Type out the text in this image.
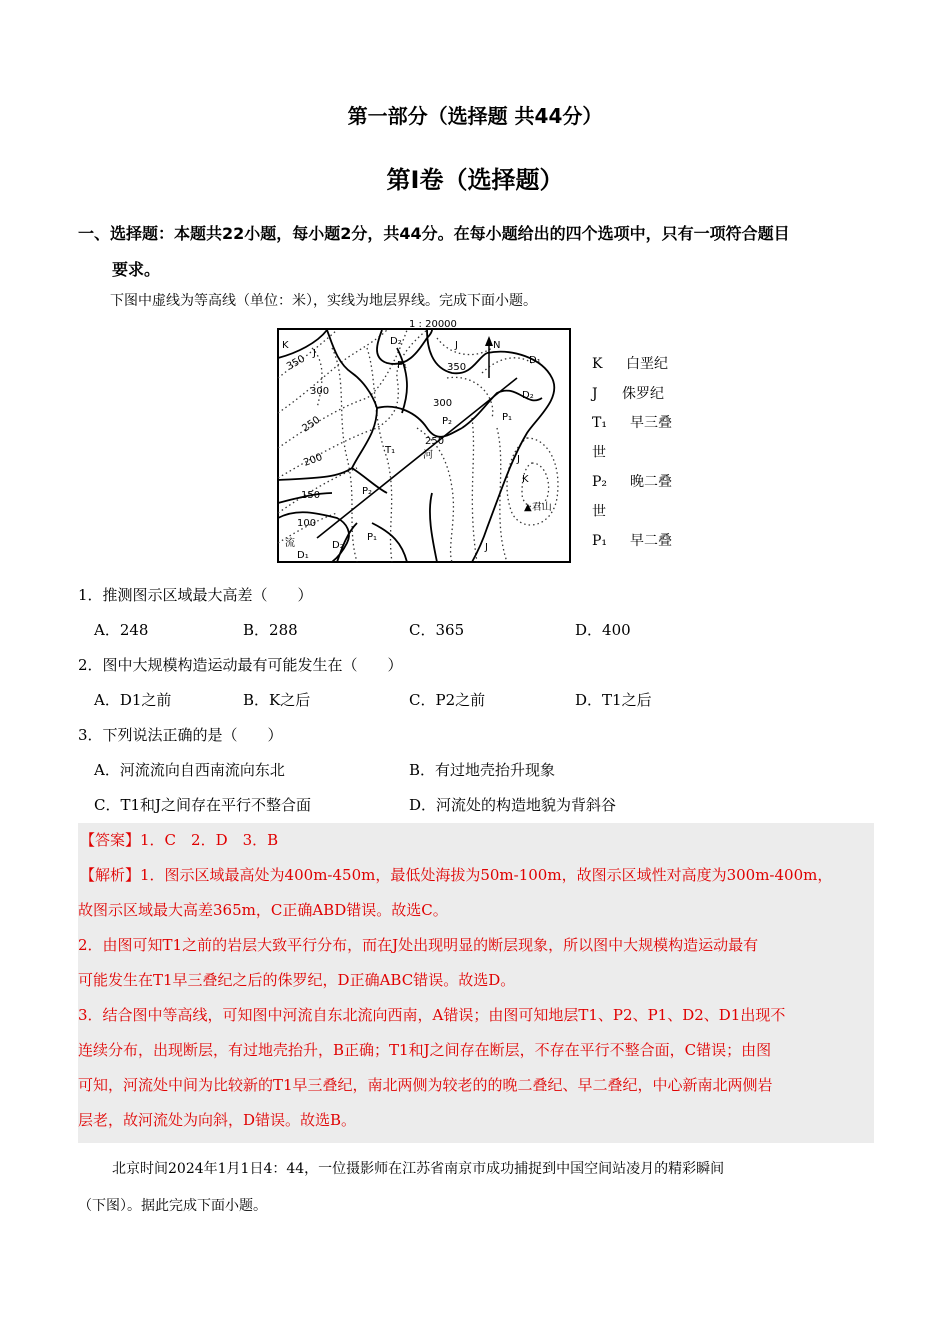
第一部分（选择题 共44分）
第Ⅰ卷（选择题）
一、选择题：本题共22小题，每小题2分，共44分。在每小题给出的四个选项中，只有一项符合题目
要求。
下图中虚线为等高线（单位：米），实线为地层界线。完成下面小题。
1 : 20000
N
K
J
D₂	J
D₁
P₁
D₂
P₂	P₁
T₁	河	J
K
▲君山
P₂
流
D₁
D₂
P₁
J
350
300
250
200
150
100
350
300
250
K 白垩纪
J 侏罗纪
T₁ 早三叠
世
P₂ 晚二叠
世
P₁ 早二叠
1．推测图示区域最大高差（　　）
A．248	B．288	C．365	D．400
2．图中大规模构造运动最有可能发生在（　　）
A．D1之前	B．K之后	C．P2之前	D．T1之后
3．下列说法正确的是（　　）
A．河流流向自西南流向东北	B．有过地壳抬升现象
C．T1和J之间存在平行不整合面	D．河流处的构造地貌为背斜谷
【答案】1．C　2．D　3．B
【解析】1．图示区域最高处为400m-450m，最低处海拔为50m-100m，故图示区域性对高度为300m-400m，
故图示区域最大高差365m，C正确ABD错误。故选C。
2．由图可知T1之前的岩层大致平行分布，而在J处出现明显的断层现象，所以图中大规模构造运动最有
可能发生在T1早三叠纪之后的侏罗纪，D正确ABC错误。故选D。
3．结合图中等高线，可知图中河流自东北流向西南，A错误；由图可知地层T1、P2、P1、D2、D1出现不
连续分布，出现断层，有过地壳抬升，B正确；T1和J之间存在断层，不存在平行不整合面，C错误；由图
可知，河流处中间为比较新的T1早三叠纪，南北两侧为较老的的晚二叠纪、早二叠纪，中心新南北两侧岩
层老，故河流处为向斜，D错误。故选B。
北京时间2024年1月1日4：44，一位摄影师在江苏省南京市成功捕捉到中国空间站凌月的精彩瞬间
（下图）。据此完成下面小题。
